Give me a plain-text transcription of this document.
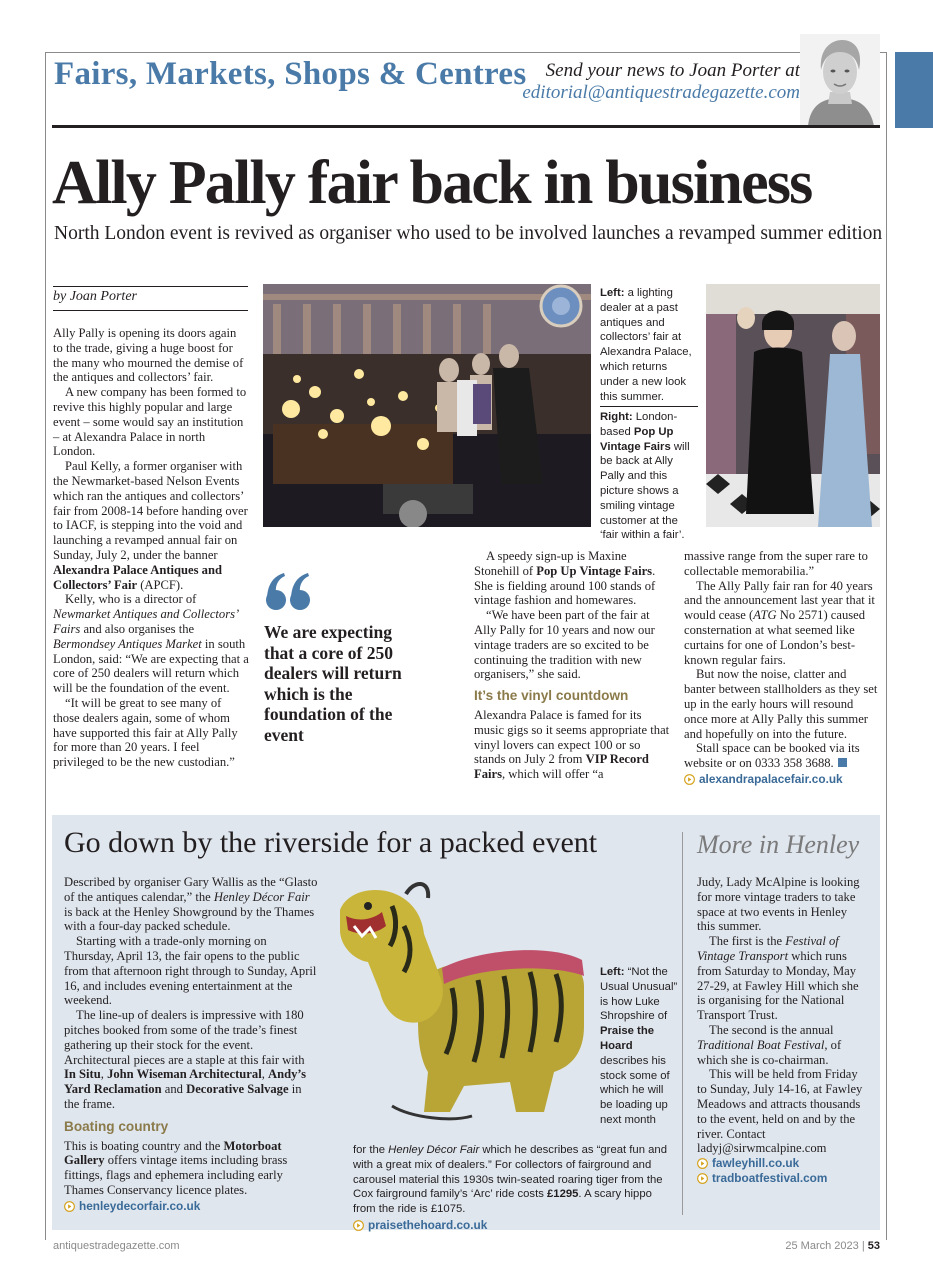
Fairs, Markets, Shops & Centres Send your news to Joan Porter at
editorial@antiquestradegazette.com
Ally Pally fair back in business
North London event is revived as organiser who used to be involved launches a revamped summer edition
by Joan Porter

Ally Pally is opening its doors again to the trade, giving a huge boost for the many who mourned the demise of the antiques and collectors’ fair.

A new company has been formed to revive this highly popular and large event – some would say an institution – at Alexandra Palace in north London.

Paul Kelly, a former organiser with the Newmarket-based Nelson Events which ran the antiques and collectors’ fair from 2008-14 before handing over to IACF, is stepping into the void and launching a revamped annual fair on Sunday, July 2, under the banner Alexandra Palace Antiques and Collectors’ Fair (APCF).

Kelly, who is a director of Newmarket Antiques and Collectors’ Fairs and also organises the Bermondsey Antiques Market in south London, said: “We are expecting that a core of 250 dealers will return which will be the foundation of the event.

“It will be great to see many of those dealers again, some of whom have supported this fair at Ally Pally for more than 20 years. I feel privileged to be the new custodian.”

Left: a lighting dealer at a past antiques and collectors’ fair at Alexandra Palace, which returns under a new look this summer.
Right: London-based Pop Up Vintage Fairs will be back at Ally Pally and this picture shows a smiling vintage customer at the ‘fair within a fair’.
We are expecting that a core of 250 dealers will return which is the foundation of the event

A speedy sign-up is Maxine Stonehill of Pop Up Vintage Fairs. She is fielding around 100 stands of vintage fashion and homewares.

“We have been part of the fair at Ally Pally for 10 years and now our vintage traders are so excited to be continuing the tradition with new organisers,” she said.

It’s the vinyl countdown

Alexandra Palace is famed for its music gigs so it seems appropriate that vinyl lovers can expect 100 or so stands on July 2 from VIP Record Fairs, which will offer “a

massive range from the super rare to collectable memorabilia.”

The Ally Pally fair ran for 40 years and the announcement last year that it would cease (ATG No 2571) caused consternation at what seemed like curtains for one of London’s best-known regular fairs.

But now the noise, clatter and banter between stallholders as they set up in the early hours will resound once more at Ally Pally this summer and hopefully on into the future.

Stall space can be booked via its website or on 0333 358 3688.

alexandrapalacefair.co.uk
Go down by the riverside for a packed event

Described by organiser Gary Wallis as the “Glasto of the antiques calendar,” the Henley Décor Fair is back at the Henley Showground by the Thames with a four-day packed schedule.

Starting with a trade-only morning on Thursday, April 13, the fair opens to the public from that afternoon right through to Sunday, April 16, and includes evening entertainment at the weekend.

The line-up of dealers is impressive with 180 pitches booked from some of the trade’s finest gathering up their stock for the event. Architectural pieces are a staple at this fair with In Situ, John Wiseman Architectural, Andy’s Yard Reclamation and Decorative Salvage in the frame.

Boating country

This is boating country and the Motorboat Gallery offers vintage items including brass fittings, flags and ephemera including early Thames Conservancy licence plates.

henleydecorfair.co.uk
Left: “Not the Usual Unusual” is how Luke Shropshire of Praise the Hoard describes his stock some of which he will be loading up next month
for the Henley Décor Fair which he describes as “great fun and with a great mix of dealers.” For collectors of fairground and carousel material this 1930s twin-seated roaring tiger from the Cox fairground family’s ‘Arc’ ride costs £1295. A scary hippo from the ride is £1075.
praisethehoard.co.uk
More in Henley

Judy, Lady McAlpine is looking for more vintage traders to take space at two events in Henley this summer.

The first is the Festival of Vintage Transport which runs from Saturday to Monday, May 27-29, at Fawley Hill which she is organising for the National Transport Trust.

The second is the annual Traditional Boat Festival, of which she is co-chairman.

This will be held from Friday to Sunday, July 14-16, at Fawley Meadows and attracts thousands to the event, held on and by the river. Contact ladyj@sirwmcalpine.com

fawleyhill.co.uk
tradboatfestival.com
antiquestradegazette.com	25 March 2023 | 53
